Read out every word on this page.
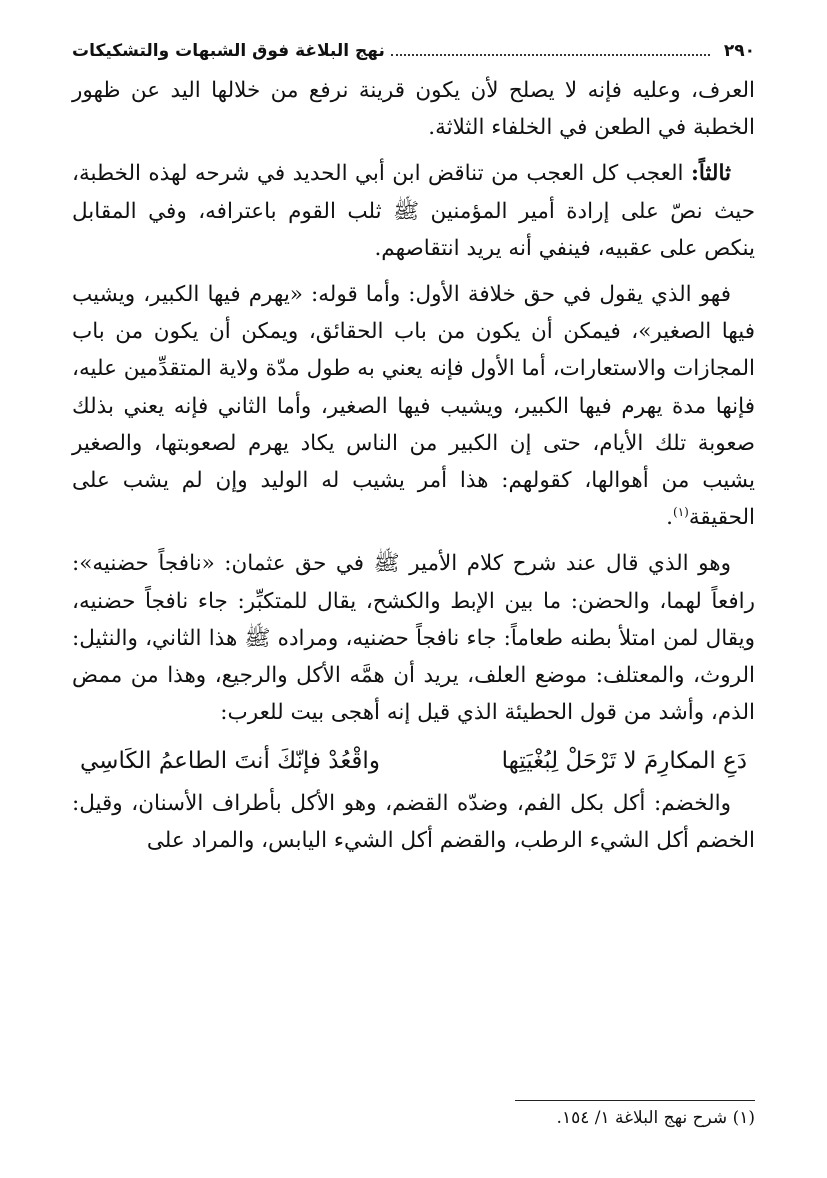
٢٩٠
نهج البلاغة فوق الشبهات والتشكيكات

العرف، وعليه فإنه لا يصلح لأن يكون قرينة نرفع من خلالها اليد عن ظهور الخطبة في الطعن في الخلفاء الثلاثة.

ثالثاً: العجب كل العجب من تناقض ابن أبي الحديد في شرحه لهذه الخطبة، حيث نصّ على إرادة أمير المؤمنين ﷺ ثلب القوم باعترافه، وفي المقابل ينكص على عقبيه، فينفي أنه يريد انتقاصهم.

فهو الذي يقول في حق خلافة الأول: وأما قوله: «يهرم فيها الكبير، ويشيب فيها الصغير»، فيمكن أن يكون من باب الحقائق، ويمكن أن يكون من باب المجازات والاستعارات، أما الأول فإنه يعني به طول مدّة ولاية المتقدِّمين عليه، فإنها مدة يهرم فيها الكبير، ويشيب فيها الصغير، وأما الثاني فإنه يعني بذلك صعوبة تلك الأيام، حتى إن الكبير من الناس يكاد يهرم لصعوبتها، والصغير يشيب من أهوالها، كقولهم: هذا أمر يشيب له الوليد وإن لم يشب على الحقيقة$^{(١)}$.

وهو الذي قال عند شرح كلام الأمير ﷺ في حق عثمان: «نافجاً حضنيه»: رافعاً لهما، والحضن: ما بين الإبط والكشح، يقال للمتكبِّر: جاء نافجاً حضنيه، ويقال لمن امتلأ بطنه طعاماً: جاء نافجاً حضنيه، ومراده ﷺ هذا الثاني، والنثيل: الروث، والمعتلف: موضع العلف، يريد أن همَّه الأكل والرجيع، وهذا من ممض الذم، وأشد من قول الحطيئة الذي قيل إنه أهجى بيت للعرب:

دَعِ المكارِمَ لا تَرْحَلْ لِبُغْيَتِها
واقْعُدْ فإنّكَ أنتَ الطاعمُ الكَاسِي

والخضم: أكل بكل الفم، وضدّه القضم، وهو الأكل بأطراف الأسنان، وقيل: الخضم أكل الشيء الرطب، والقضم أكل الشيء اليابس، والمراد على

(١) شرح نهج البلاغة ١/ ١٥٤.
